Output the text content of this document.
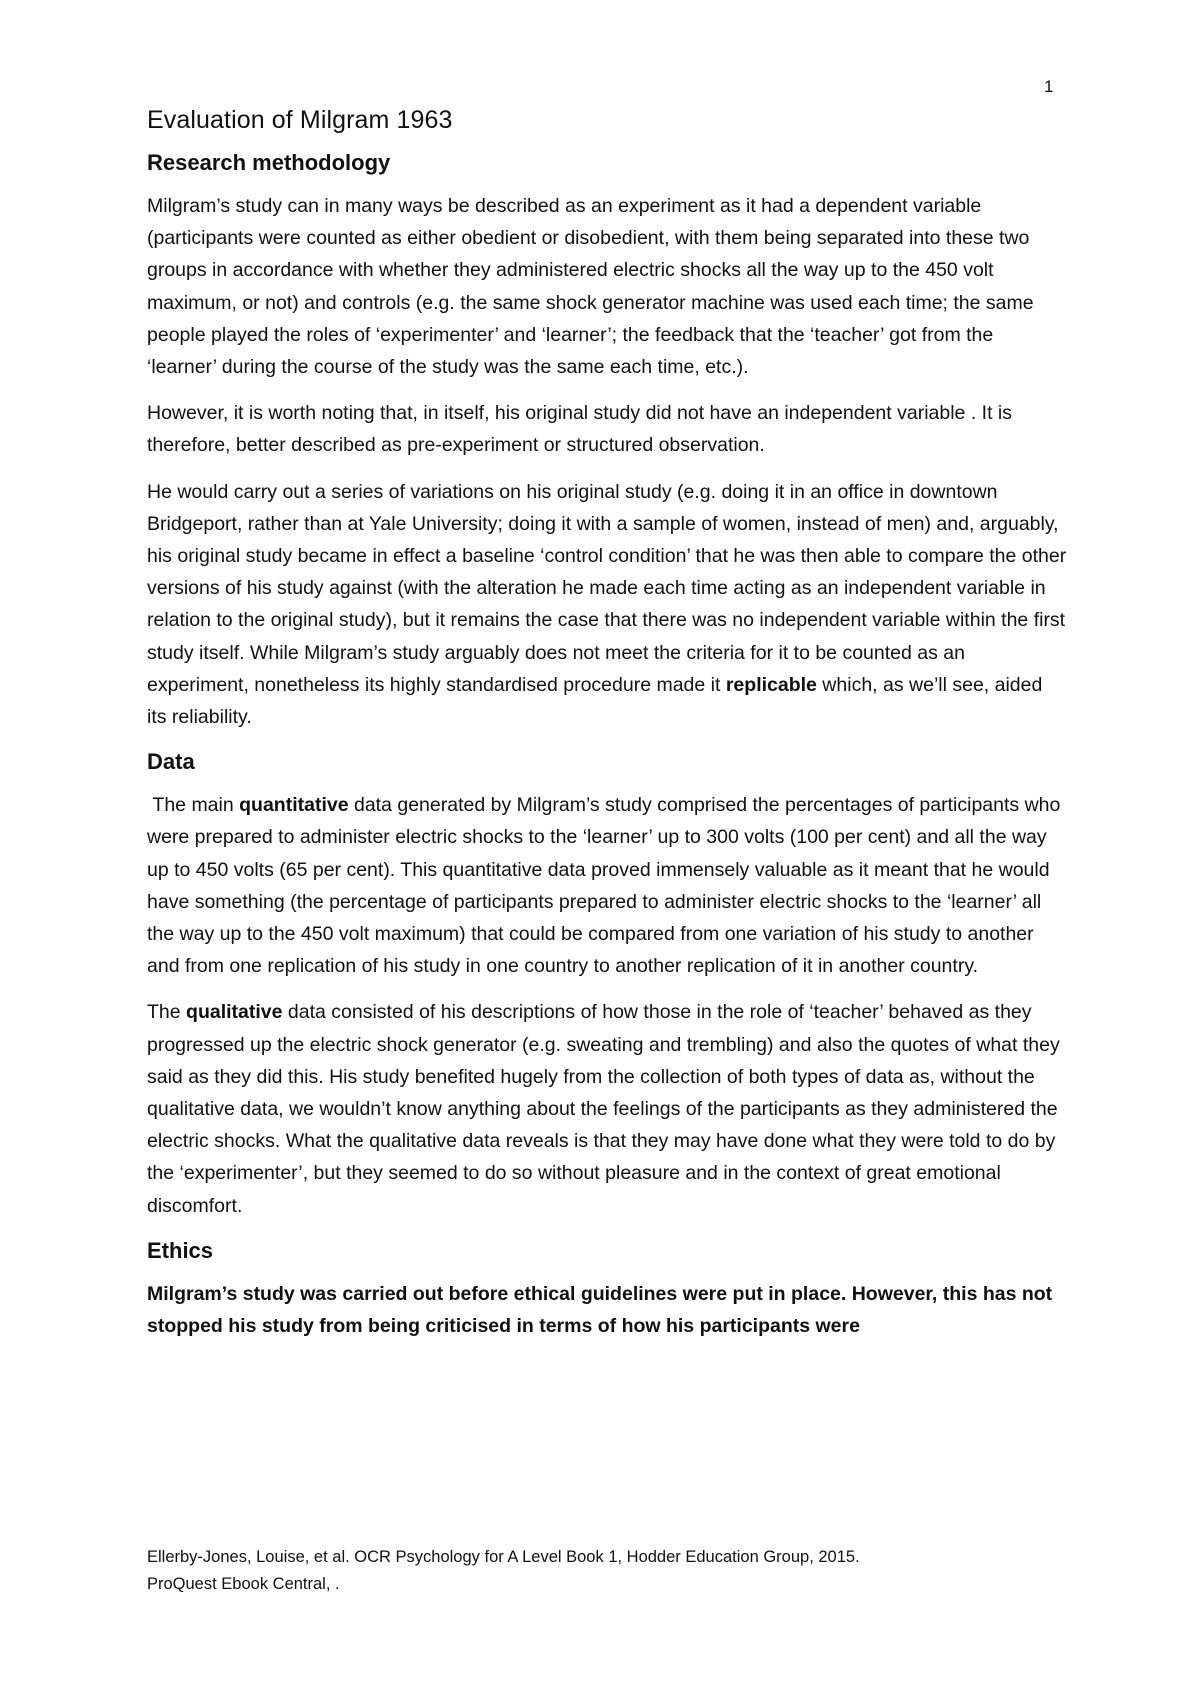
1
Evaluation of Milgram 1963
Research methodology

Milgram’s study can in many ways be described as an experiment as it had a dependent variable (participants were counted as either obedient or disobedient, with them being separated into these two groups in accordance with whether they administered electric shocks all the way up to the 450 volt maximum, or not) and controls (e.g. the same shock generator machine was used each time; the same people played the roles of ‘experimenter’ and ‘learner’; the feedback that the ‘teacher’ got from the ‘learner’ during the course of the study was the same each time, etc.).

However, it is worth noting that, in itself, his original study did not have an independent variable . It is therefore, better described as pre-experiment or structured observation.

He would carry out a series of variations on his original study (e.g. doing it in an office in downtown Bridgeport, rather than at Yale University; doing it with a sample of women, instead of men) and, arguably, his original study became in effect a baseline ‘control condition’ that he was then able to compare the other versions of his study against (with the alteration he made each time acting as an independent variable in relation to the original study), but it remains the case that there was no independent variable within the first study itself. While Milgram’s study arguably does not meet the criteria for it to be counted as an experiment, nonetheless its highly standardised procedure made it replicable which, as we’ll see, aided its reliability.

Data

The main quantitative data generated by Milgram’s study comprised the percentages of participants who were prepared to administer electric shocks to the ‘learner’ up to 300 volts (100 per cent) and all the way up to 450 volts (65 per cent). This quantitative data proved immensely valuable as it meant that he would have something (the percentage of participants prepared to administer electric shocks to the ‘learner’ all the way up to the 450 volt maximum) that could be compared from one variation of his study to another and from one replication of his study in one country to another replication of it in another country.

The qualitative data consisted of his descriptions of how those in the role of ‘teacher’ behaved as they progressed up the electric shock generator (e.g. sweating and trembling) and also the quotes of what they said as they did this. His study benefited hugely from the collection of both types of data as, without the qualitative data, we wouldn’t know anything about the feelings of the participants as they administered the electric shocks. What the qualitative data reveals is that they may have done what they were told to do by the ‘experimenter’, but they seemed to do so without pleasure and in the context of great emotional discomfort.

Ethics

Milgram’s study was carried out before ethical guidelines were put in place. However, this has not stopped his study from being criticised in terms of how his participants were

Ellerby-Jones, Louise, et al. OCR Psychology for A Level Book 1, Hodder Education Group, 2015.
ProQuest Ebook Central, .
